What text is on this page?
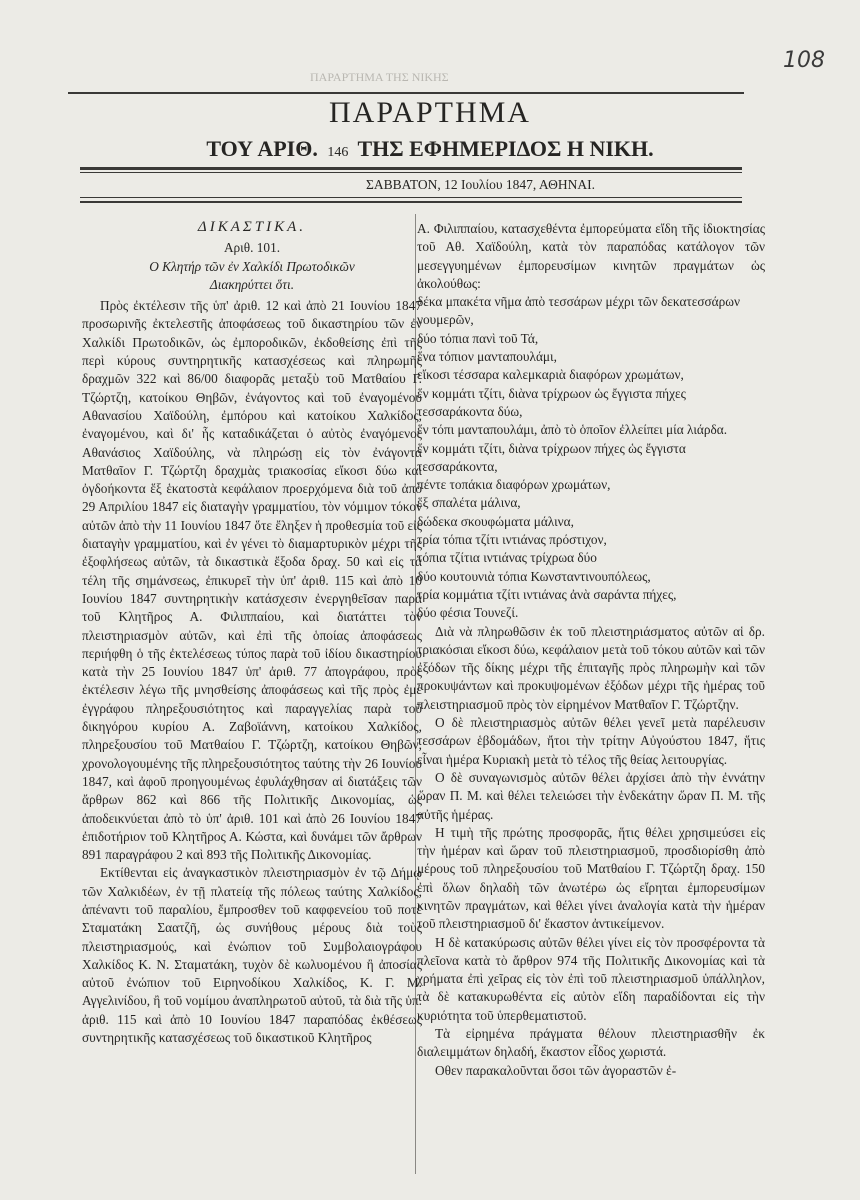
ΠΑΡΑΡΤΗΜΑ ΤΗΣ ΝΙΚΗΣ
108
ΠΑΡΑΡΤΗΜΑ
ΤΟΥ ΑΡΙΘ. 146 ΤΗΣ ΕΦΗΜΕΡΙΔΟΣ Η ΝΙΚΗ.
ΣΑΒΒΑΤΟΝ, 12 Ιουλίου 1847, ΑΘΗΝΑΙ.

ΔΙΚΑΣΤΙΚΑ.

Αριθ. 101.

Ο Κλητήρ τῶν ἐν Χαλκίδι Πρωτοδικῶν

Διακηρύττει ὅτι.

Πρὸς ἐκτέλεσιν τῆς ὑπ' ἀριθ. 12 καὶ ἀπὸ 21 Ιουνίου 1847 προσωρινῆς ἐκτελεστῆς ἀποφάσεως τοῦ δικαστηρίου τῶν ἐν Χαλκίδι Πρωτοδικῶν, ὡς ἐμποροδικῶν, ἐκδοθείσης ἐπὶ τῆς περὶ κύρους συντηρητικῆς κατασχέσεως καὶ πληρωμῆς δραχμῶν 322 καὶ 86/00 διαφορᾶς μεταξὺ τοῦ Ματθαίου Γ. Τζώρτζη, κατοίκου Θηβῶν, ἐνάγοντος καὶ τοῦ ἐναγομένου Αθανασίου Χαϊδούλη, ἐμπόρου καὶ κατοίκου Χαλκίδος, ἐναγομένου, καὶ δι' ἧς καταδικάζεται ὁ αὐτὸς ἐναγόμενος Αθανάσιος Χαϊδούλης, νὰ πληρώσῃ εἰς τὸν ἐνάγοντα Ματθαῖον Γ. Τζώρτζη δραχμὰς τριακοσίας εἴκοσι δύω καὶ ὀγδοήκοντα ἕξ ἑκατοστὰ κεφάλαιον προερχόμενα διὰ τοῦ ἀπὸ 29 Απριλίου 1847 εἰς διαταγὴν γραμματίου, τὸν νόμιμον τόκον αὐτῶν ἀπὸ τὴν 11 Ιουνίου 1847 ὅτε ἔληξεν ἡ προθεσμία τοῦ εἰς διαταγὴν γραμματίου, καὶ ἐν γένει τὸ διαμαρτυρικὸν μέχρι τῆς ἐξοφλήσεως αὐτῶν, τὰ δικαστικὰ ἔξοδα δραχ. 50 καὶ εἰς τὰ τέλη τῆς σημάνσεως, ἐπικυρεῖ τὴν ὑπ' ἀριθ. 115 καὶ ἀπὸ 10 Ιουνίου 1847 συντηρητικὴν κατάσχεσιν ἐνεργηθεῖσαν παρὰ τοῦ Κλητῆρος Α. Φιλιππαίου, καὶ διατάττει τὸν πλειστηριασμὸν αὐτῶν, καὶ ἐπὶ τῆς ὁποίας ἀποφάσεως περιήφθη ὁ τῆς ἐκτελέσεως τύπος παρὰ τοῦ ἰδίου δικαστηρίου κατὰ τὴν 25 Ιουνίου 1847 ὑπ' ἀριθ. 77 ἀπογράφου, πρὸς ἐκτέλεσιν λέγω τῆς μνησθείσης ἀποφάσεως καὶ τῆς πρὸς ἐμὲ ἐγγράφου πληρεξουσιότητος καὶ παραγγελίας παρὰ τοῦ δικηγόρου κυρίου Α. Ζαβοϊάννη, κατοίκου Χαλκίδος, πληρεξουσίου τοῦ Ματθαίου Γ. Τζώρτζη, κατοίκου Θηβῶν, χρονολογουμένης τῆς πληρεξουσιότητος ταύτης τὴν 26 Ιουνίου 1847, καὶ ἀφοῦ προηγουμένως ἐφυλάχθησαν αἱ διατάξεις τῶν ἄρθρων 862 καὶ 866 τῆς Πολιτικῆς Δικονομίας, ὡς ἀποδεικνύεται ἀπὸ τὸ ὑπ' ἀριθ. 101 καὶ ἀπὸ 26 Ιουνίου 1847 ἐπιδοτήριον τοῦ Κλητῆρος Α. Κώστα, καὶ δυνάμει τῶν ἄρθρων 891 παραγράφου 2 καὶ 893 τῆς Πολιτικῆς Δικονομίας.

Εκτίθενται εἰς ἀναγκαστικὸν πλειστηριασμὸν ἐν τῷ Δήμῳ τῶν Χαλκιδέων, ἐν τῇ πλατείᾳ τῆς πόλεως ταύτης Χαλκίδος, ἀπέναντι τοῦ παραλίου, ἔμπροσθεν τοῦ καφφενείου τοῦ ποτὲ Σταματάκη Σαατζῆ, ὡς συνήθους μέρους διὰ τοὺς πλειστηριασμούς, καὶ ἐνώπιον τοῦ Συμβολαιογράφου Χαλκίδος Κ. Ν. Σταματάκη, τυχὸν δὲ κωλυομένου ἢ ἀποσίας αὐτοῦ ἐνώπιον τοῦ Ειρηνοδίκου Χαλκίδος, Κ. Γ. Μ. Αγγελινίδου, ἢ τοῦ νομίμου ἀναπληρωτοῦ αὐτοῦ, τὰ διὰ τῆς ὑπ. ἀριθ. 115 καὶ ἀπὸ 10 Ιουνίου 1847 παραπόδας ἐκθέσεως συντηρητικῆς κατασχέσεως τοῦ δικαστικοῦ Κλητῆρος

Α. Φιλιππαίου, κατασχεθέντα ἐμπορεύματα εἴδη τῆς ἰδιοκτησίας τοῦ Αθ. Χαϊδούλη, κατὰ τὸν παραπόδας κατάλογον τῶν μεσεγγυημένων ἐμπορευσίμων κινητῶν πραγμάτων ὡς ἀκολούθως:

δέκα μπακέτα νῆμα ἀπὸ τεσσάρων μέχρι τῶν δεκατεσσάρων νουμερῶν,
δύο τόπια πανὶ τοῦ Τά,
ἕνα τόπιον μανταπουλάμι,
εἴκοσι τέσσαρα καλεμκαριὰ διαφόρων χρωμάτων,
ἕν κομμάτι τζίτι, διὰνα τρίχρωον ὡς ἔγγιστα πήχες τεσσαράκοντα δύω,
ἕν τόπι μανταπουλάμι, ἀπὸ τὸ ὁποῖον ἐλλείπει μία λιάρδα.
ἕν κομμάτι τζίτι, διὰνα τρίχρωον πήχες ὡς ἔγγιστα τεσσαράκοντα,
πέντε τοπάκια διαφόρων χρωμάτων,
ἕξ σπαλέτα μάλινα,
δώδεκα σκουφώματα μάλινα,
τρία τόπια τζίτι ιντιάνας πρόστιχον,
τόπια τζίτια ιντιάνας τρίχρωα δύο
δύο κουτουνιὰ τόπια Κωνσταντινουπόλεως,
τρία κομμάτια τζίτι ιντιάνας ἀνὰ σαράντα πήχες,
δύο φέσια Τουνεζί.

Διὰ νὰ πληρωθῶσιν ἐκ τοῦ πλειστηριάσματος αὐτῶν αἱ δρ. τριακόσιαι εἴκοσι δύω, κεφάλαιον μετὰ τοῦ τόκου αὐτῶν καὶ τῶν ἐξόδων τῆς δίκης μέχρι τῆς ἐπιταγῆς πρὸς πληρωμὴν καὶ τῶν προκυψάντων καὶ προκυψομένων ἐξόδων μέχρι τῆς ἡμέρας τοῦ πλειστηριασμοῦ πρὸς τὸν εἰρημένον Ματθαῖον Γ. Τζώρτζην.

Ο δὲ πλειστηριασμὸς αὐτῶν θέλει γενεῖ μετὰ παρέλευσιν τεσσάρων ἑβδομάδων, ἤτοι τὴν τρίτην Αὐγούστου 1847, ἥτις εἶναι ἡμέρα Κυριακὴ μετὰ τὸ τέλος τῆς θείας λειτουργίας.

Ο δὲ συναγωνισμὸς αὐτῶν θέλει ἀρχίσει ἀπὸ τὴν ἐννάτην ὥραν Π. Μ. καὶ θέλει τελειώσει τὴν ἑνδεκάτην ὥραν Π. Μ. τῆς αὐτῆς ἡμέρας.

Η τιμὴ τῆς πρώτης προσφορᾶς, ἥτις θέλει χρησιμεύσει εἰς τὴν ἡμέραν καὶ ὥραν τοῦ πλειστηριασμοῦ, προσδιορίσθη ἀπὸ μέρους τοῦ πληρεξουσίου τοῦ Ματθαίου Γ. Τζώρτζη δραχ. 150 ἐπὶ ὅλων δηλαδὴ τῶν ἀνωτέρω ὡς εἴρηται ἐμπορευσίμων κινητῶν πραγμάτων, καὶ θέλει γίνει ἀναλογία κατὰ τὴν ἡμέραν τοῦ πλειστηριασμοῦ δι' ἕκαστον ἀντικείμενον.

Η δὲ κατακύρωσις αὐτῶν θέλει γίνει εἰς τὸν προσφέροντα τὰ πλεῖονα κατὰ τὸ ἄρθρον 974 τῆς Πολιτικῆς Δικονομίας καὶ τὰ χρήματα ἐπὶ χεῖρας εἰς τὸν ἐπὶ τοῦ πλειστηριασμοῦ ὑπάλληλον, τὰ δὲ κατακυρωθέντα εἰς αὐτὸν εἴδη παραδίδονται εἰς τὴν κυριότητα τοῦ ὑπερθεματιστοῦ.

Τὰ εἰρημένα πράγματα θέλουν πλειστηριασθῆν ἐκ διαλειμμάτων δηλαδή, ἕκαστον εἶδος χωριστά.

Οθεν παρακαλοῦνται ὅσοι τῶν ἀγοραστῶν ἐ-
